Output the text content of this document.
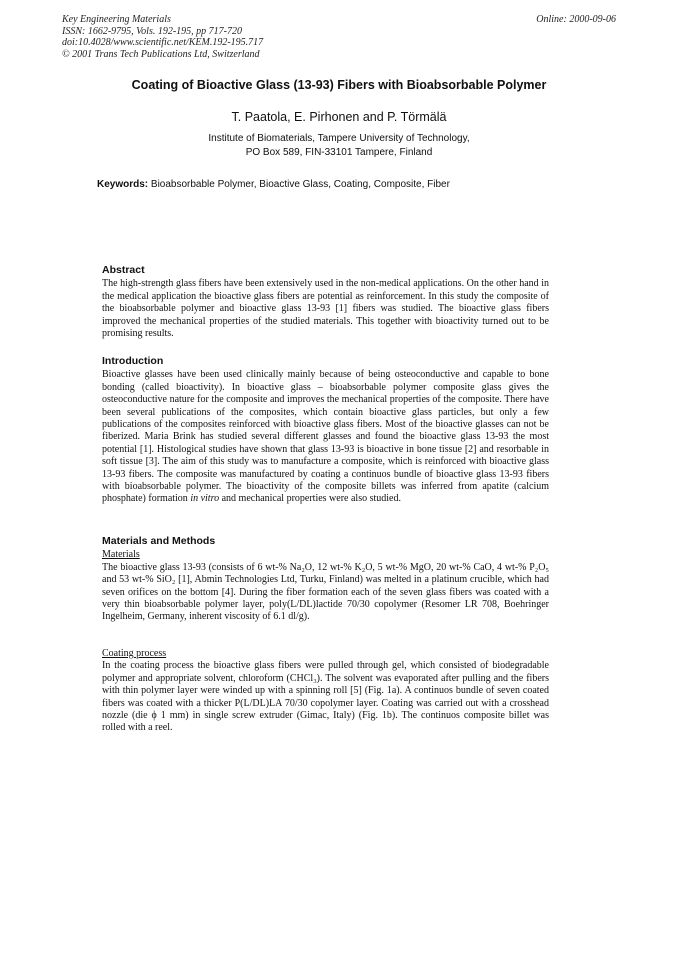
Key Engineering Materials
ISSN: 1662-9795, Vols. 192-195, pp 717-720
doi:10.4028/www.scientific.net/KEM.192-195.717
© 2001 Trans Tech Publications Ltd, Switzerland
Online: 2000-09-06
Coating of Bioactive Glass (13-93) Fibers with Bioabsorbable Polymer
T. Paatola, E. Pirhonen and P. Törmälä
Institute of Biomaterials, Tampere University of Technology,
PO Box 589, FIN-33101 Tampere, Finland
Keywords: Bioabsorbable Polymer, Bioactive Glass, Coating, Composite, Fiber
Abstract

The high-strength glass fibers have been extensively used in the non-medical applications. On the other hand in the medical application the bioactive glass fibers are potential as reinforcement. In this study the composite of the bioabsorbable polymer and bioactive glass 13-93 [1] fibers was studied. The bioactive glass fibers improved the mechanical properties of the studied materials. This together with bioactivity turned out to be promising results.

Introduction

Bioactive glasses have been used clinically mainly because of being osteoconductive and capable to bone bonding (called bioactivity). In bioactive glass – bioabsorbable polymer composite glass gives the osteoconductive nature for the composite and improves the mechanical properties of the composite. There have been several publications of the composites, which contain bioactive glass particles, but only a few publications of the composites reinforced with bioactive glass fibers. Most of the bioactive glasses can not be fiberized. Maria Brink has studied several different glasses and found the bioactive glass 13-93 the most potential [1]. Histological studies have shown that glass 13-93 is bioactive in bone tissue [2] and resorbable in soft tissue [3]. The aim of this study was to manufacture a composite, which is reinforced with bioactive glass 13-93 fibers. The composite was manufactured by coating a continuos bundle of bioactive glass 13-93 fibers with bioabsorbable polymer. The bioactivity of the composite billets was inferred from apatite (calcium phosphate) formation in vitro and mechanical properties were also studied.

Materials and Methods
Materials

The bioactive glass 13-93 (consists of 6 wt-% Na₂O, 12 wt-% K₂O, 5 wt-% MgO, 20 wt-% CaO, 4 wt-% P₂O₅ and 53 wt-% SiO₂ [1], Abmin Technologies Ltd, Turku, Finland) was melted in a platinum crucible, which had seven orifices on the bottom [4]. During the fiber formation each of the seven glass fibers was coated with a very thin bioabsorbable polymer layer, poly(L/DL)lactide 70/30 copolymer (Resomer LR 708, Boehringer Ingelheim, Germany, inherent viscosity of 6.1 dl/g).

Coating process

In the coating process the bioactive glass fibers were pulled through gel, which consisted of biodegradable polymer and appropriate solvent, chloroform (CHCl₃). The solvent was evaporated after pulling and the fibers with thin polymer layer were winded up with a spinning roll [5] (Fig. 1a). A continuos bundle of seven coated fibers was coated with a thicker P(L/DL)LA 70/30 copolymer layer. Coating was carried out with a crosshead nozzle (die ϕ 1 mm) in single screw extruder (Gimac, Italy) (Fig. 1b). The continuos composite billet was rolled with a reel.
